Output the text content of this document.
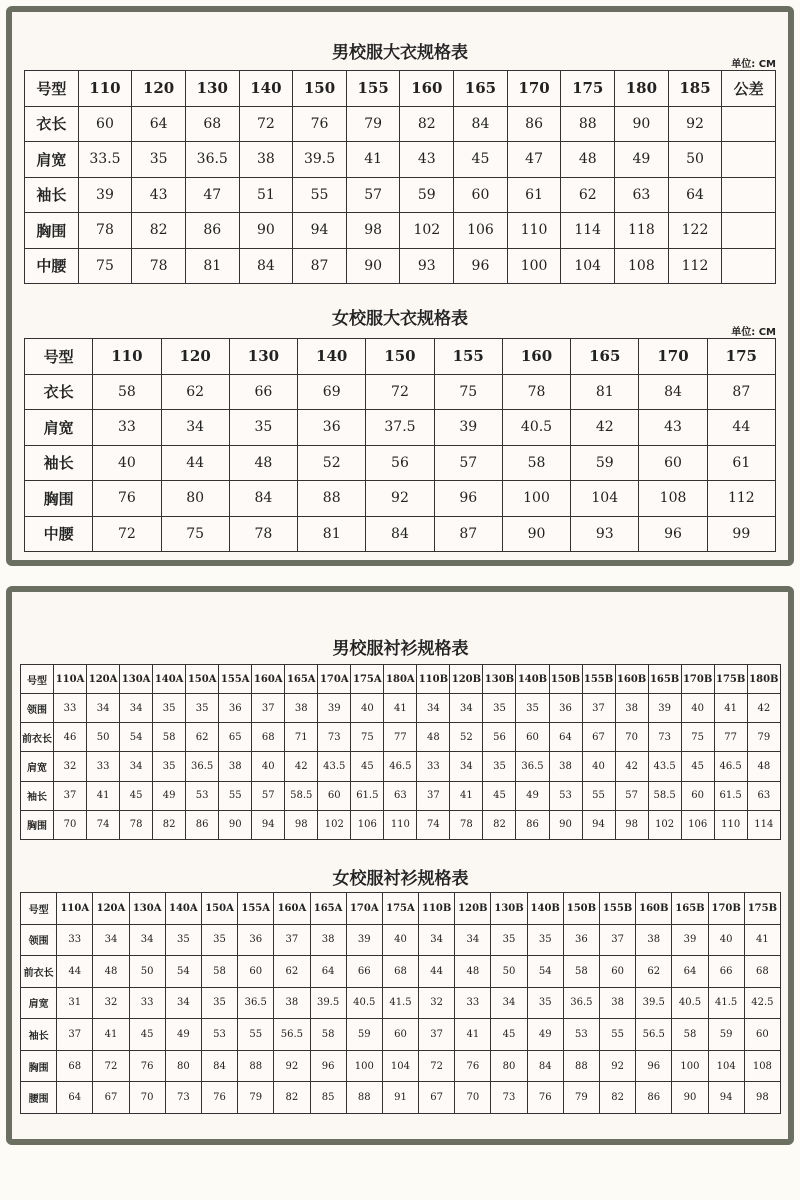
男校服大衣规格表
单位: CM
号型	110	120	130	140	150	155	160	165	170	175	180	185	公差
衣长	60	64	68	72	76	79	82	84	86	88	90	92	
肩宽	33.5	35	36.5	38	39.5	41	43	45	47	48	49	50	
袖长	39	43	47	51	55	57	59	60	61	62	63	64	
胸围	78	82	86	90	94	98	102	106	110	114	118	122	
中腰	75	78	81	84	87	90	93	96	100	104	108	112	
女校服大衣规格表
单位: CM
号型	110	120	130	140	150	155	160	165	170	175
衣长	58	62	66	69	72	75	78	81	84	87
肩宽	33	34	35	36	37.5	39	40.5	42	43	44
袖长	40	44	48	52	56	57	58	59	60	61
胸围	76	80	84	88	92	96	100	104	108	112
中腰	72	75	78	81	84	87	90	93	96	99
男校服衬衫规格表
号型	110A	120A	130A	140A	150A	155A	160A	165A	170A	175A	180A	110B	120B	130B	140B	150B	155B	160B	165B	170B	175B	180B
领围	33	34	34	35	35	36	37	38	39	40	41	34	34	35	35	36	37	38	39	40	41	42
前衣长	46	50	54	58	62	65	68	71	73	75	77	48	52	56	60	64	67	70	73	75	77	79
肩宽	32	33	34	35	36.5	38	40	42	43.5	45	46.5	33	34	35	36.5	38	40	42	43.5	45	46.5	48
袖长	37	41	45	49	53	55	57	58.5	60	61.5	63	37	41	45	49	53	55	57	58.5	60	61.5	63
胸围	70	74	78	82	86	90	94	98	102	106	110	74	78	82	86	90	94	98	102	106	110	114
女校服衬衫规格表
号型	110A	120A	130A	140A	150A	155A	160A	165A	170A	175A	110B	120B	130B	140B	150B	155B	160B	165B	170B	175B
领围	33	34	34	35	35	36	37	38	39	40	34	34	35	35	36	37	38	39	40	41
前衣长	44	48	50	54	58	60	62	64	66	68	44	48	50	54	58	60	62	64	66	68
肩宽	31	32	33	34	35	36.5	38	39.5	40.5	41.5	32	33	34	35	36.5	38	39.5	40.5	41.5	42.5
袖长	37	41	45	49	53	55	56.5	58	59	60	37	41	45	49	53	55	56.5	58	59	60
胸围	68	72	76	80	84	88	92	96	100	104	72	76	80	84	88	92	96	100	104	108
腰围	64	67	70	73	76	79	82	85	88	91	67	70	73	76	79	82	86	90	94	98
